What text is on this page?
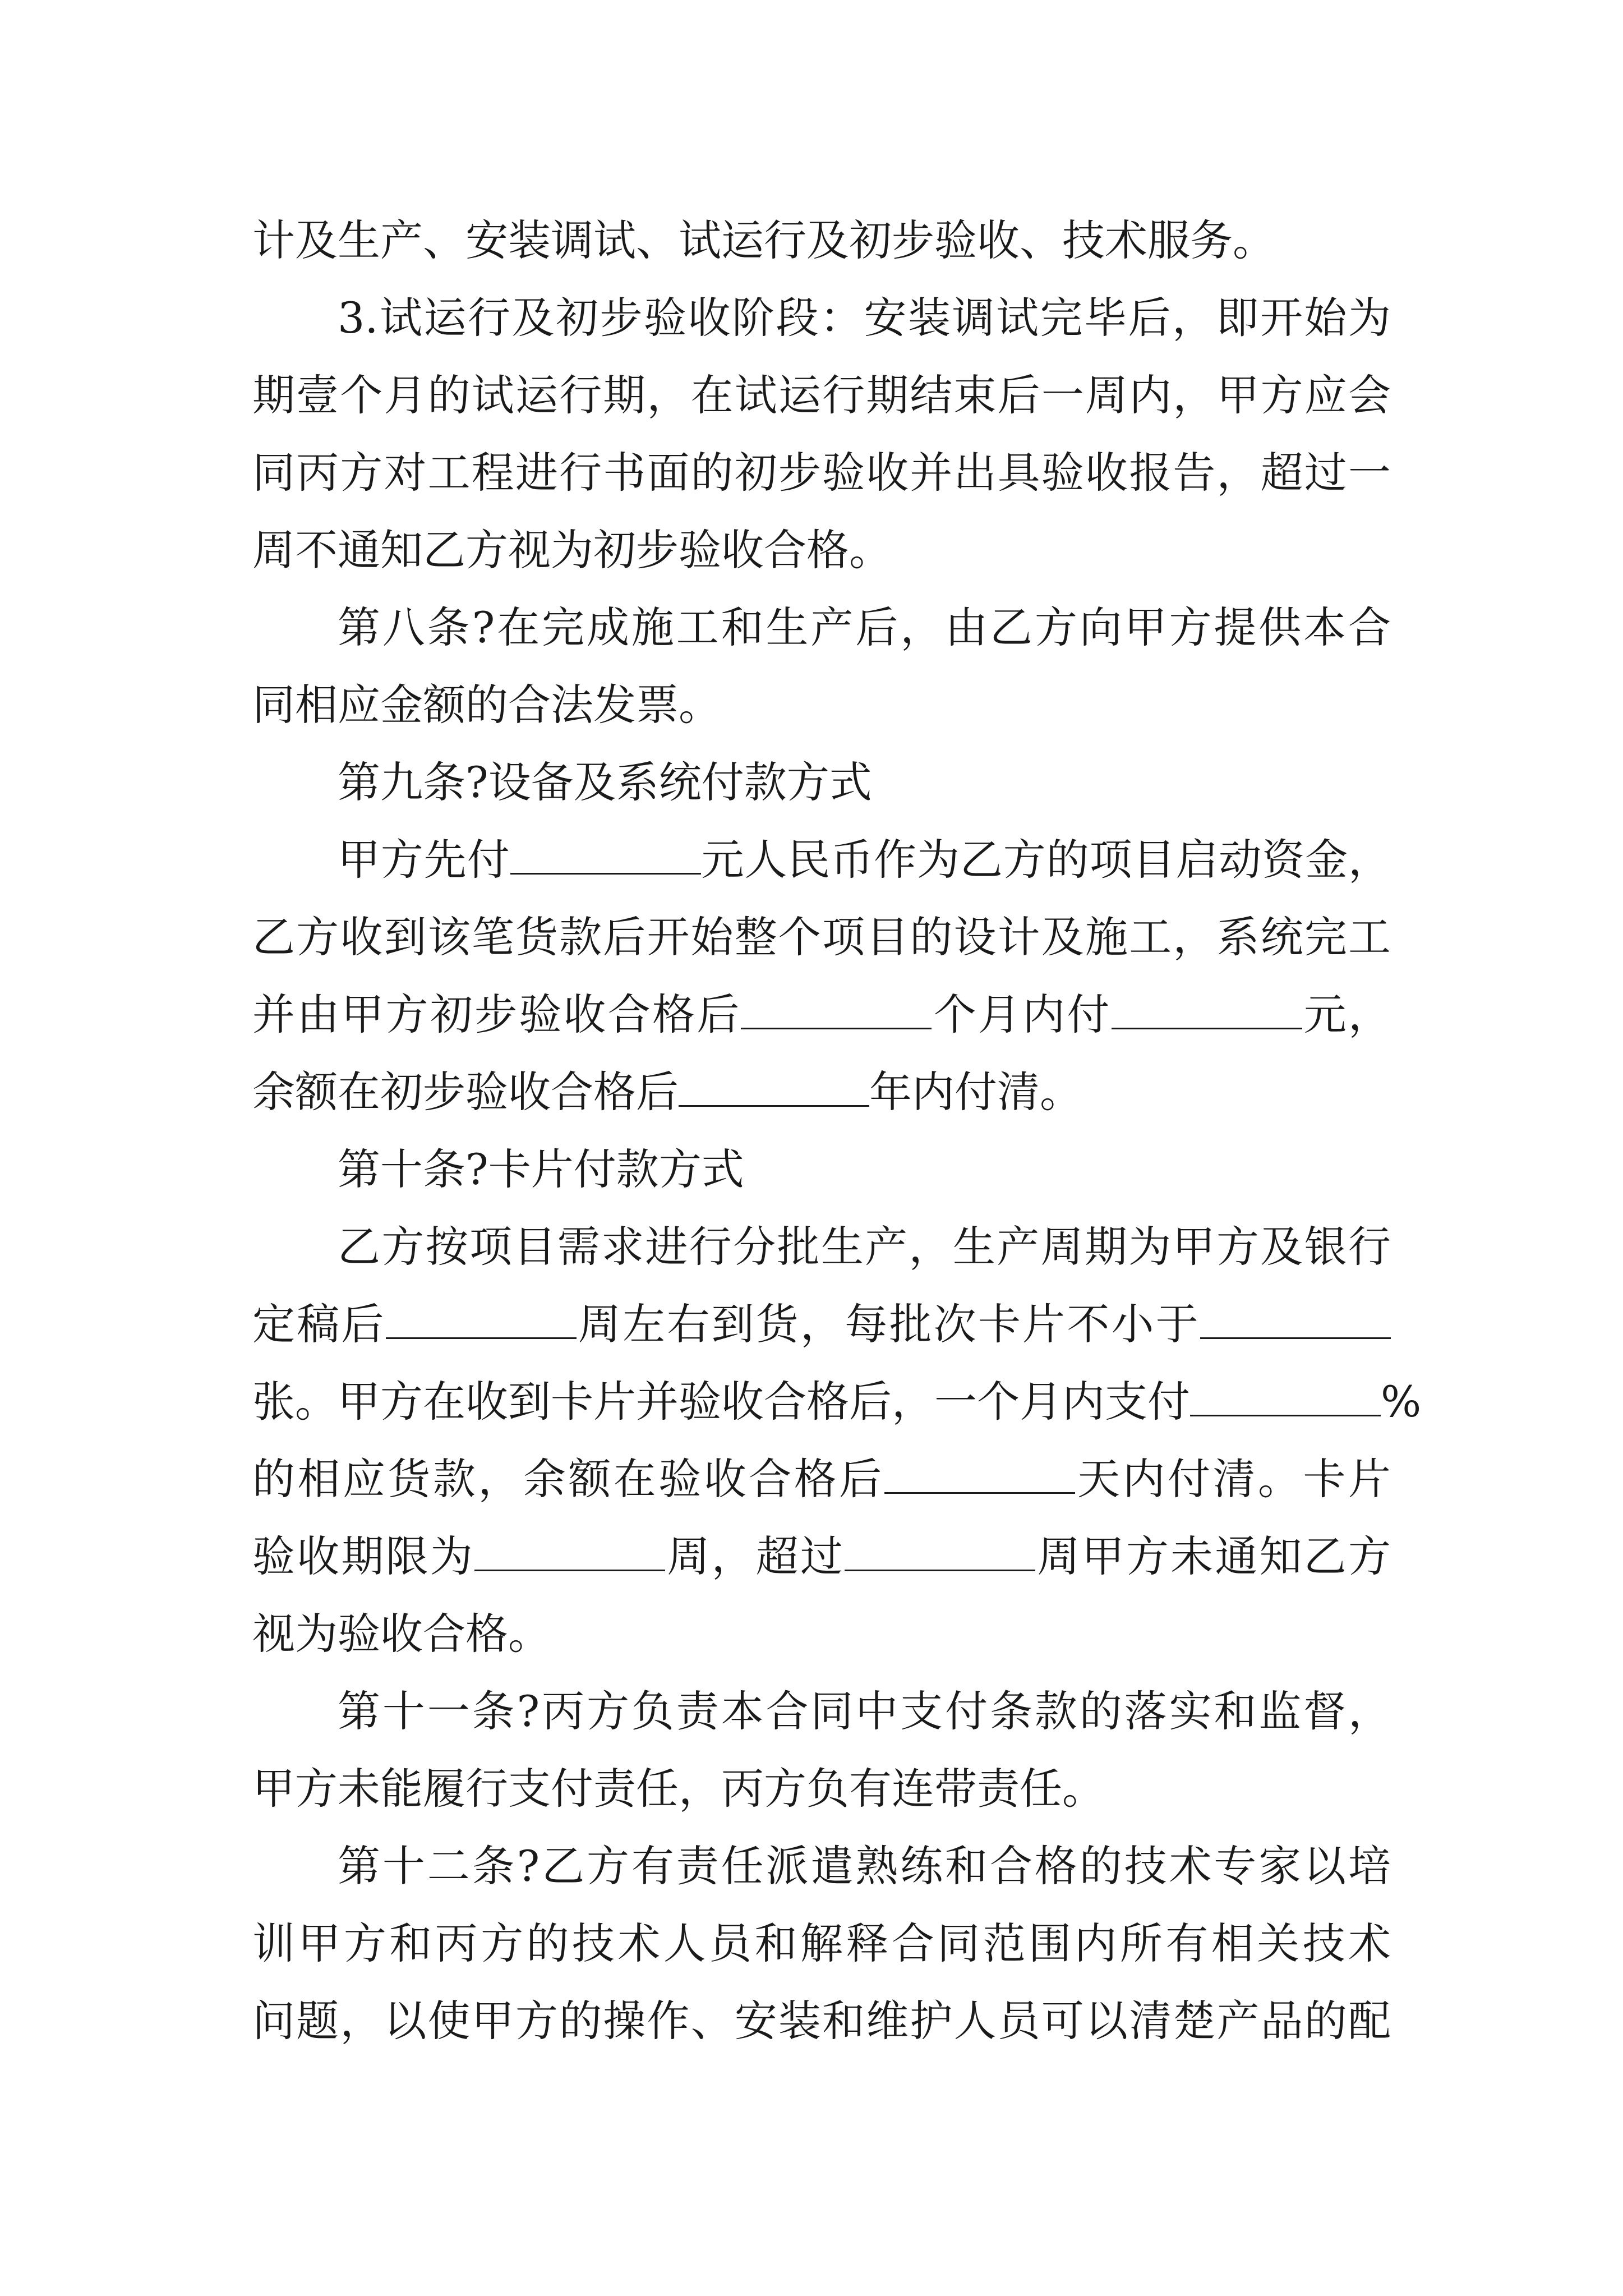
计及生产、安装调试、试运行及初步验收、技术服务。
3.试运行及初步验收阶段：安装调试完毕后，即开始为
期壹个月的试运行期，在试运行期结束后一周内，甲方应会
同丙方对工程进行书面的初步验收并出具验收报告，超过一
周不通知乙方视为初步验收合格。
第八条?在完成施工和生产后，由乙方向甲方提供本合
同相应金额的合法发票。
第九条?设备及系统付款方式
甲方先付	元人民币作为乙方的项目启动资金，
乙方收到该笔货款后开始整个项目的设计及施工，系统完工
并由甲方初步验收合格后	个月内付	元，
余额在初步验收合格后	年内付清。
第十条?卡片付款方式
乙方按项目需求进行分批生产，生产周期为甲方及银行
定稿后	周左右到货，每批次卡片不小于
张。甲方在收到卡片并验收合格后，一个月内支付	%
的相应货款，余额在验收合格后	天内付清。卡片
验收期限为	周，超过	周甲方未通知乙方
视为验收合格。
第十一条?丙方负责本合同中支付条款的落实和监督，
甲方未能履行支付责任，丙方负有连带责任。
第十二条?乙方有责任派遣熟练和合格的技术专家以培
训甲方和丙方的技术人员和解释合同范围内所有相关技术
问题，以使甲方的操作、安装和维护人员可以清楚产品的配
